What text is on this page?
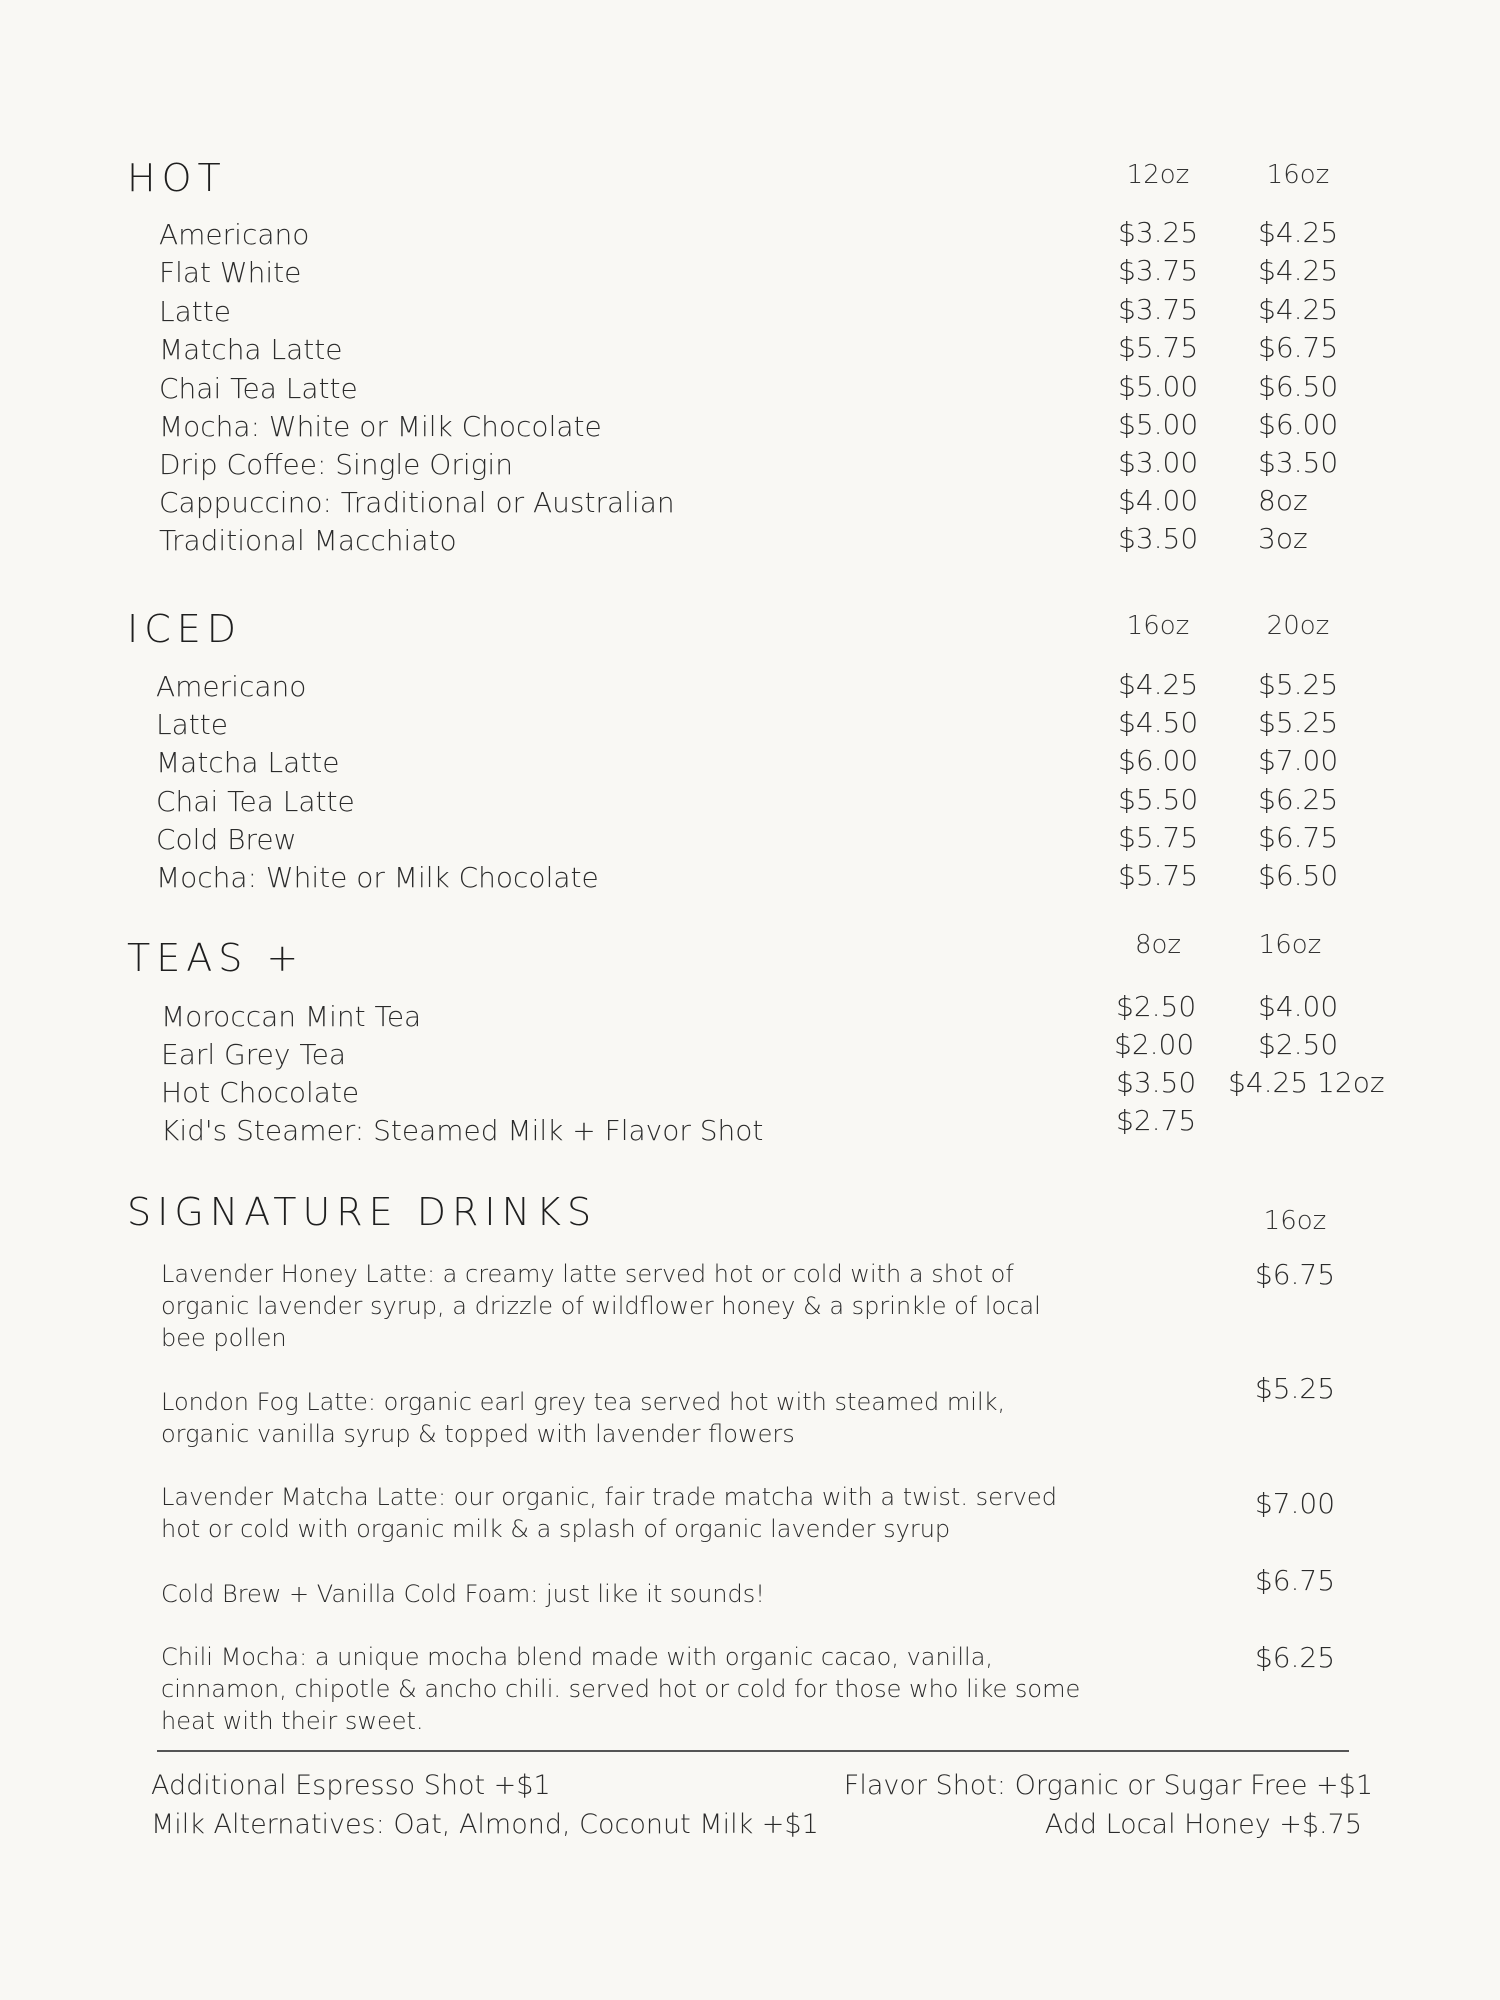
HOT	12oz	16oz
Americano	$3.25 $4.25
Flat White	$3.75 $4.25
Latte	$3.75 $4.25
Matcha Latte	$5.75 $6.75
Chai Tea Latte	$5.00 $6.50
Mocha: White or Milk Chocolate	$5.00 $6.00
Drip Coffee: Single Origin	$3.00 $3.50
Cappuccino: Traditional or Australian	$4.00 8oz
Traditional Macchiato	$3.50 3oz
ICED	16oz	20oz
Americano	$4.25 $5.25
Latte	$4.50 $5.25
Matcha Latte	$6.00 $7.00
Chai Tea Latte	$5.50 $6.25
Cold Brew	$5.75 $6.75
Mocha: White or Milk Chocolate	$5.75 $6.50
TEAS +	8oz	16oz
Moroccan Mint Tea	$2.50 $4.00
Earl Grey Tea	$2.00 $2.50
Hot Chocolate	$3.50 $4.25 12oz
Kid's Steamer: Steamed Milk + Flavor Shot	$2.75
SIGNATURE DRINKS	16oz
Lavender Honey Latte: a creamy latte served hot or cold with a shot of organic lavender syrup, a drizzle of wildflower honey & a sprinkle of local bee pollen
$6.75
London Fog Latte: organic earl grey tea served hot with steamed milk, organic vanilla syrup & topped with lavender flowers
$5.25
Lavender Matcha Latte: our organic, fair trade matcha with a twist. served hot or cold with organic milk & a splash of organic lavender syrup
$7.00
Cold Brew + Vanilla Cold Foam: just like it sounds!	$6.75
Chili Mocha: a unique mocha blend made with organic cacao, vanilla, cinnamon, chipotle & ancho chili. served hot or cold for those who like some heat with their sweet.
$6.25
Additional Espresso Shot +$1
Milk Alternatives: Oat, Almond, Coconut Milk +$1
Flavor Shot: Organic or Sugar Free +$1
Add Local Honey +$.75
